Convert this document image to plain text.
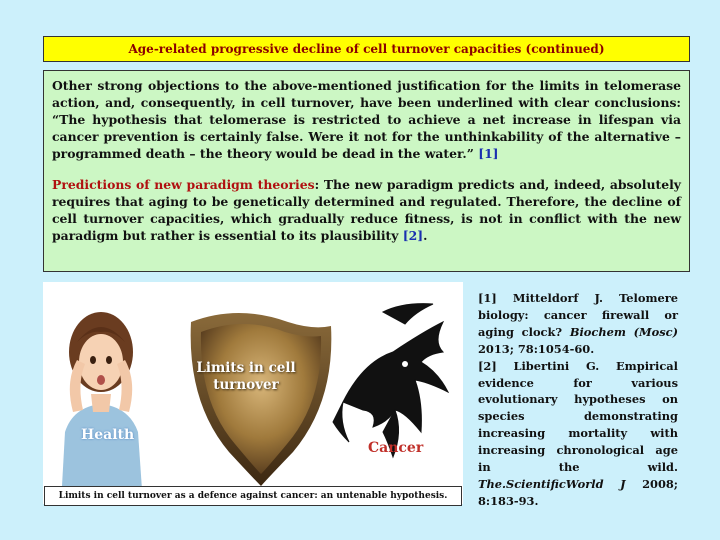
Age-related progressive decline of cell turnover capacities (continued)

Other strong objections to the above-mentioned justification for the limits in telomerase action, and, consequently, in cell turnover, have been underlined with clear conclusions: “The hypothesis that telomerase is restricted to achieve a net increase in lifespan via cancer prevention is certainly false. Were it not for the unthinkability of the alternative – programmed death – the theory would be dead in the water.” [1]

Predictions of new paradigm theories: The new paradigm predicts and, indeed, absolutely requires that aging to be genetically determined and regulated. Therefore, the decline of cell turnover capacities, which gradually reduce fitness, is not in conflict with the new paradigm but rather is essential to its plausibility [2].

Health
Limits in cell turnover
Cancer
Limits in cell turnover as a defence against cancer: an untenable hypothesis.

[1] Mitteldorf J. Telomere biology: cancer firewall or aging clock? Biochem (Mosc) 2013; 78:1054-60.

[2] Libertini G. Empirical evidence for various evolutionary hypotheses on species demonstrating increasing mortality with increasing chronological age in the wild. The.ScientificWorld J 2008; 8:183-93.
